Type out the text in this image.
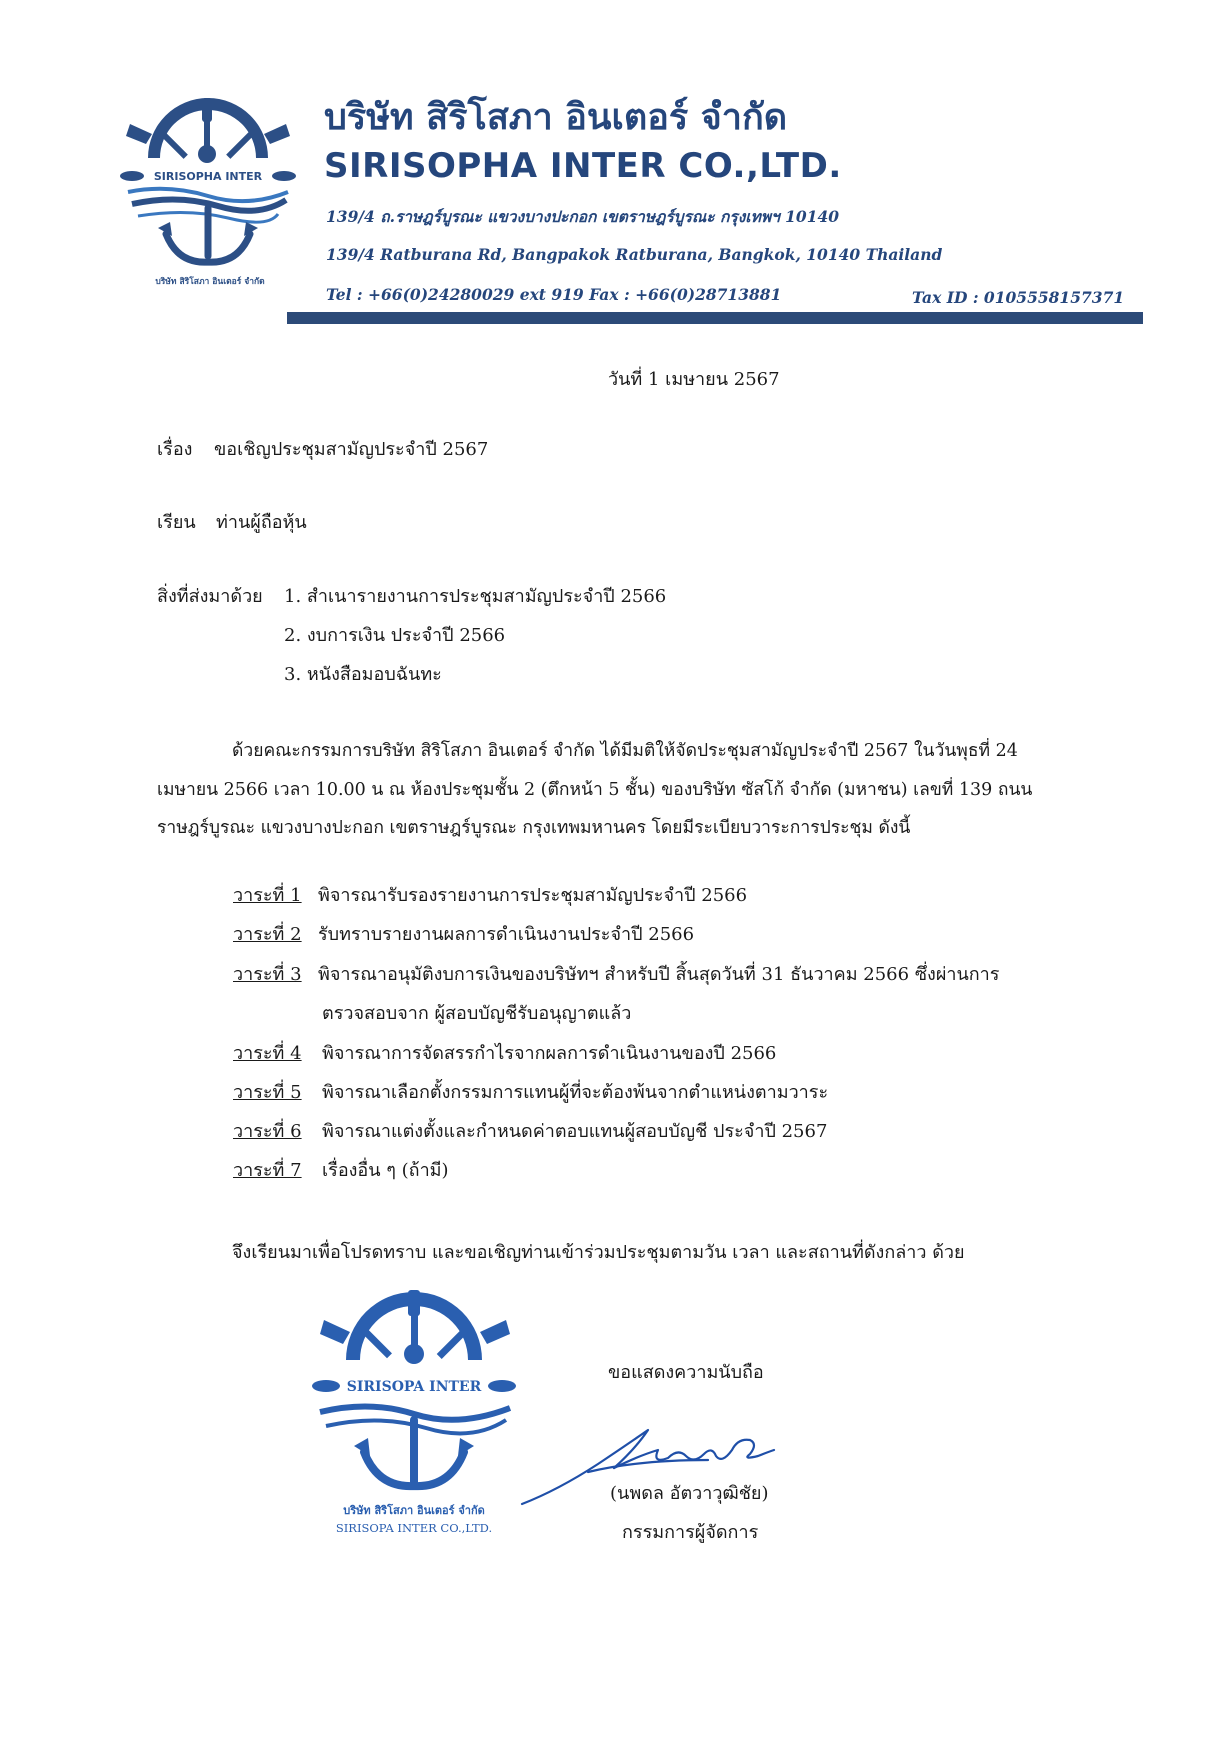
SIRISOPHA INTER
บริษัท สิริโสภา อินเตอร์ จำกัด
บริษัท สิริโสภา อินเตอร์ จำกัด
SIRISOPHA INTER CO.,LTD.
139/4 ถ.ราษฎร์บูรณะ แขวงบางปะกอก เขตราษฎร์บูรณะ กรุงเทพฯ 10140
139/4 Ratburana Rd, Bangpakok Ratburana, Bangkok, 10140 Thailand
Tel : +66(0)24280029 ext 919 Fax : +66(0)28713881	Tax ID : 0105558157371
วันที่ 1 เมษายน 2567
เรื่อง ขอเชิญประชุมสามัญประจำปี 2567
เรียน ท่านผู้ถือหุ้น
สิ่งที่ส่งมาด้วย 1. สำเนารายงานการประชุมสามัญประจำปี 2566
2. งบการเงิน ประจำปี 2566
3. หนังสือมอบฉันทะ
ด้วยคณะกรรมการบริษัท สิริโสภา อินเตอร์ จำกัด ได้มีมติให้จัดประชุมสามัญประจำปี 2567 ในวันพุธที่ 24
เมษายน 2566 เวลา 10.00 น ณ ห้องประชุมชั้น 2 (ตึกหน้า 5 ชั้น) ของบริษัท ซัสโก้ จำกัด (มหาชน) เลขที่ 139 ถนน
ราษฎร์บูรณะ แขวงบางปะกอก เขตราษฎร์บูรณะ กรุงเทพมหานคร โดยมีระเบียบวาระการประชุม ดังนี้
วาระที่ 1 พิจารณารับรองรายงานการประชุมสามัญประจำปี 2566
วาระที่ 2 รับทราบรายงานผลการดำเนินงานประจำปี 2566
วาระที่ 3 พิจารณาอนุมัติงบการเงินของบริษัทฯ สำหรับปี สิ้นสุดวันที่ 31 ธันวาคม 2566 ซึ่งผ่านการ
ตรวจสอบจาก ผู้สอบบัญชีรับอนุญาตแล้ว
วาระที่ 4 พิจารณาการจัดสรรกำไรจากผลการดำเนินงานของปี 2566
วาระที่ 5 พิจารณาเลือกตั้งกรรมการแทนผู้ที่จะต้องพ้นจากตำแหน่งตามวาระ
วาระที่ 6 พิจารณาแต่งตั้งและกำหนดค่าตอบแทนผู้สอบบัญชี ประจำปี 2567
วาระที่ 7 เรื่องอื่น ๆ (ถ้ามี)
จึงเรียนมาเพื่อโปรดทราบ และขอเชิญท่านเข้าร่วมประชุมตามวัน เวลา และสถานที่ดังกล่าว ด้วย
SIRISOPA INTER
บริษัท สิริโสภา อินเตอร์ จำกัด
SIRISOPA INTER CO.,LTD.
ขอแสดงความนับถือ
(นพดล อัตวาวุฒิชัย)
กรรมการผู้จัดการ
